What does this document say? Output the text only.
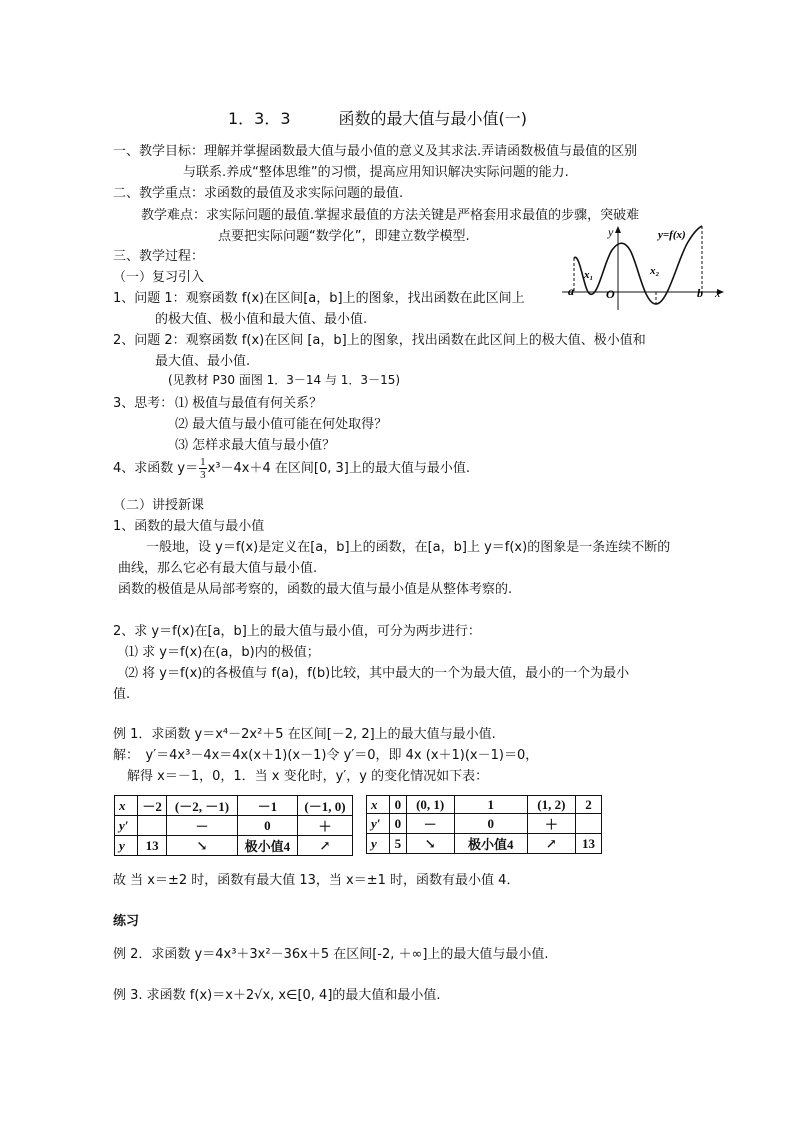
1．3．3　　　函数的最大值与最小值(一)
一、教学目标：理解并掌握函数最大值与最小值的意义及其求法.弄请函数极值与最值的区别
与联系.养成“整体思维”的习惯，提高应用知识解决实际问题的能力.
二、教学重点：求函数的最值及求实际问题的最值.
教学难点：求实际问题的最值.掌握求最值的方法关键是严格套用求最值的步骤，突破难
点要把实际问题“数学化”，即建立数学模型.
三、教学过程：
（一）复习引入
1、问题 1：观察函数 f(x)在区间[a，b]上的图象，找出函数在此区间上
的极大值、极小值和最大值、最小值.
2、问题 2：观察函数 f(x)在区间 [a，b]上的图象，找出函数在此区间上的极大值、极小值和
最大值、最小值.
(见教材 P30 面图 1．3－14 与 1．3－15)
3、思考： ⑴ 极值与最值有何关系？
⑵ 最大值与最小值可能在何处取得？
⑶ 怎样求最大值与最小值？
4、求函数 $y= \frac{1}{3} x^3-4x+4$ 在区间[0, 3]上的最大值与最小值.
（二）讲授新课
1、函数的最大值与最小值
一般地，设 y＝f(x)是定义在[a，b]上的函数，在[a，b]上 y＝f(x)的图象是一条连续不断的
曲线，那么它必有最大值与最小值.
函数的极值是从局部考察的，函数的最大值与最小值是从整体考察的.
2、求 y＝f(x)在[a，b]上的最大值与最小值，可分为两步进行：
⑴ 求 y＝f(x)在(a，b)内的极值；
⑵ 将 y＝f(x)的各极值与 f(a)，f(b)比较，其中最大的一个为最大值，最小的一个为最小
值.
例 1．求函数 y＝x⁴－2x²＋5 在区间[－2, 2]上的最大值与最小值.
解：　y′＝4x³－4x＝4x(x＋1)(x－1)令 y′＝0，即 4x (x＋1)(x－1)＝0，
解得 x＝－1，0，1．当 x 变化时，y′，y 的变化情况如下表：
x	－2	(－2, －1)	－1	(－1, 0)
y′		－	0	＋
y	13	↘	极小值4	↗
x	0	(0, 1)	1	(1, 2)	2
y′	0	－	0	＋	
y	5	↘	极小值4	↗	13
故 当 x＝±2 时，函数有最大值 13，当 x＝±1 时，函数有最小值 4．
练习
例 2．求函数 y＝4x³＋3x²－36x＋5 在区间[-2, ＋∞]上的最大值与最小值.
例 3. 求函数 f(x)＝x＋2√x, x∈[0, 4]的最大值和最小值.
y	y=f(x)
x₁	x₂
a	O	b x
